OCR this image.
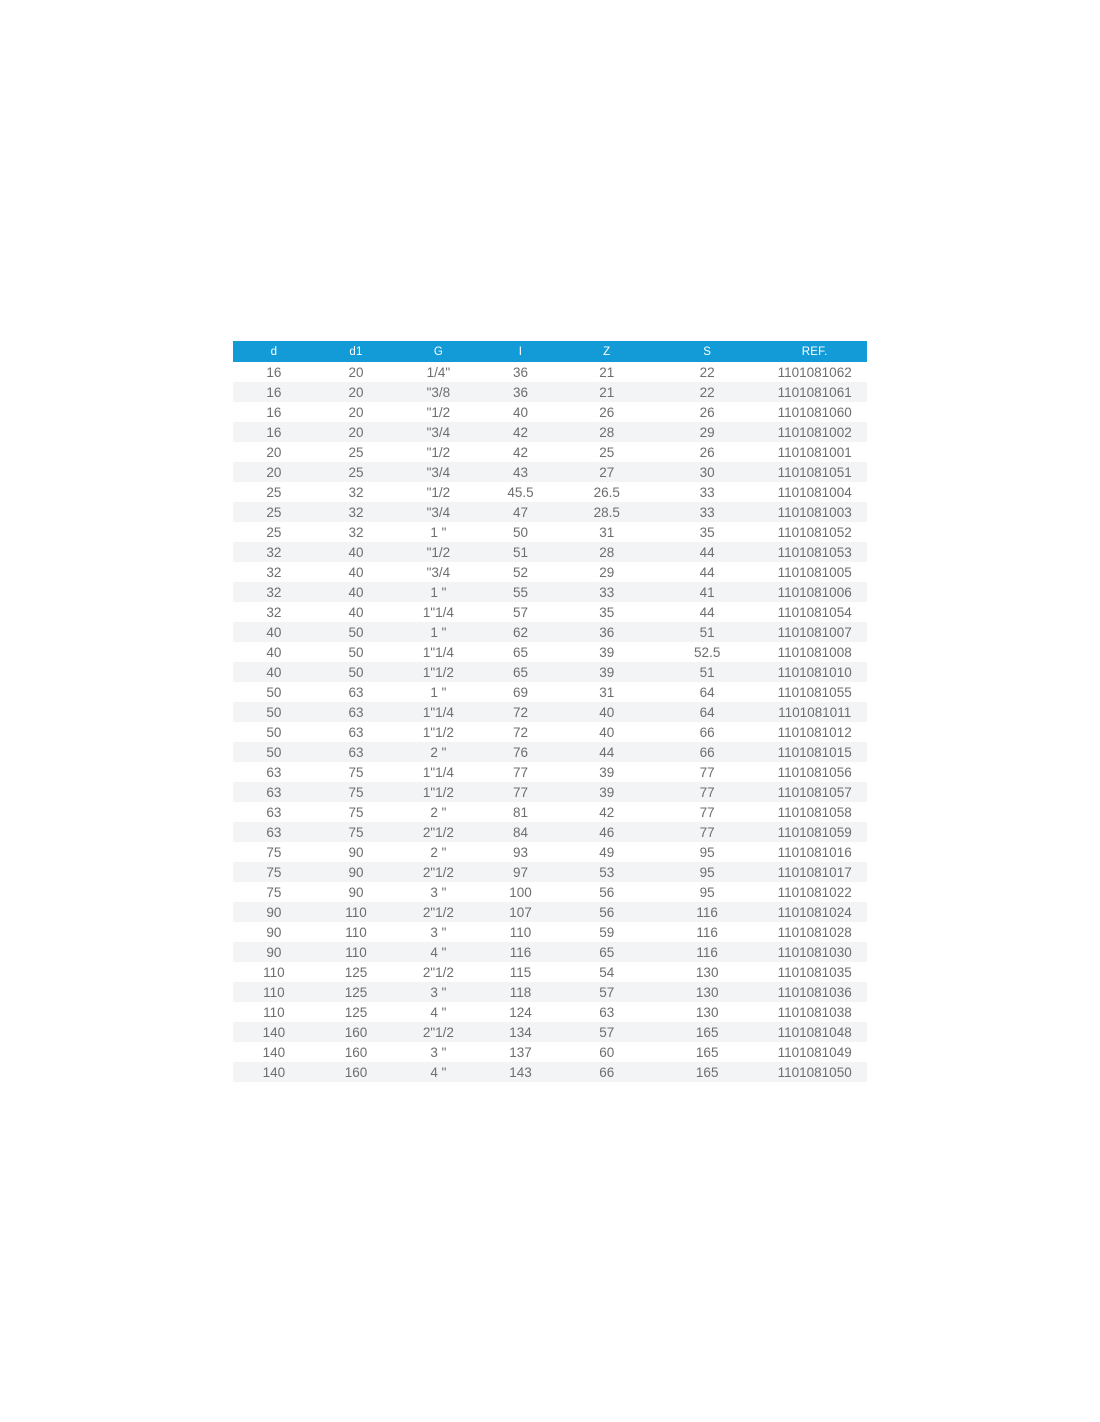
d	d1	G	I	Z	S	REF.
16	20	1/4"	36	21	22	1101081062
16	20	"3/8	36	21	22	1101081061
16	20	"1/2	40	26	26	1101081060
16	20	"3/4	42	28	29	1101081002
20	25	"1/2	42	25	26	1101081001
20	25	"3/4	43	27	30	1101081051
25	32	"1/2	45.5	26.5	33	1101081004
25	32	"3/4	47	28.5	33	1101081003
25	32	1 "	50	31	35	1101081052
32	40	"1/2	51	28	44	1101081053
32	40	"3/4	52	29	44	1101081005
32	40	1 "	55	33	41	1101081006
32	40	1"1/4	57	35	44	1101081054
40	50	1 "	62	36	51	1101081007
40	50	1"1/4	65	39	52.5	1101081008
40	50	1"1/2	65	39	51	1101081010
50	63	1 "	69	31	64	1101081055
50	63	1"1/4	72	40	64	1101081011
50	63	1"1/2	72	40	66	1101081012
50	63	2 "	76	44	66	1101081015
63	75	1"1/4	77	39	77	1101081056
63	75	1"1/2	77	39	77	1101081057
63	75	2 "	81	42	77	1101081058
63	75	2"1/2	84	46	77	1101081059
75	90	2 "	93	49	95	1101081016
75	90	2"1/2	97	53	95	1101081017
75	90	3 "	100	56	95	1101081022
90	110	2"1/2	107	56	116	1101081024
90	110	3 "	110	59	116	1101081028
90	110	4 "	116	65	116	1101081030
110	125	2"1/2	115	54	130	1101081035
110	125	3 "	118	57	130	1101081036
110	125	4 "	124	63	130	1101081038
140	160	2"1/2	134	57	165	1101081048
140	160	3 "	137	60	165	1101081049
140	160	4 "	143	66	165	1101081050
